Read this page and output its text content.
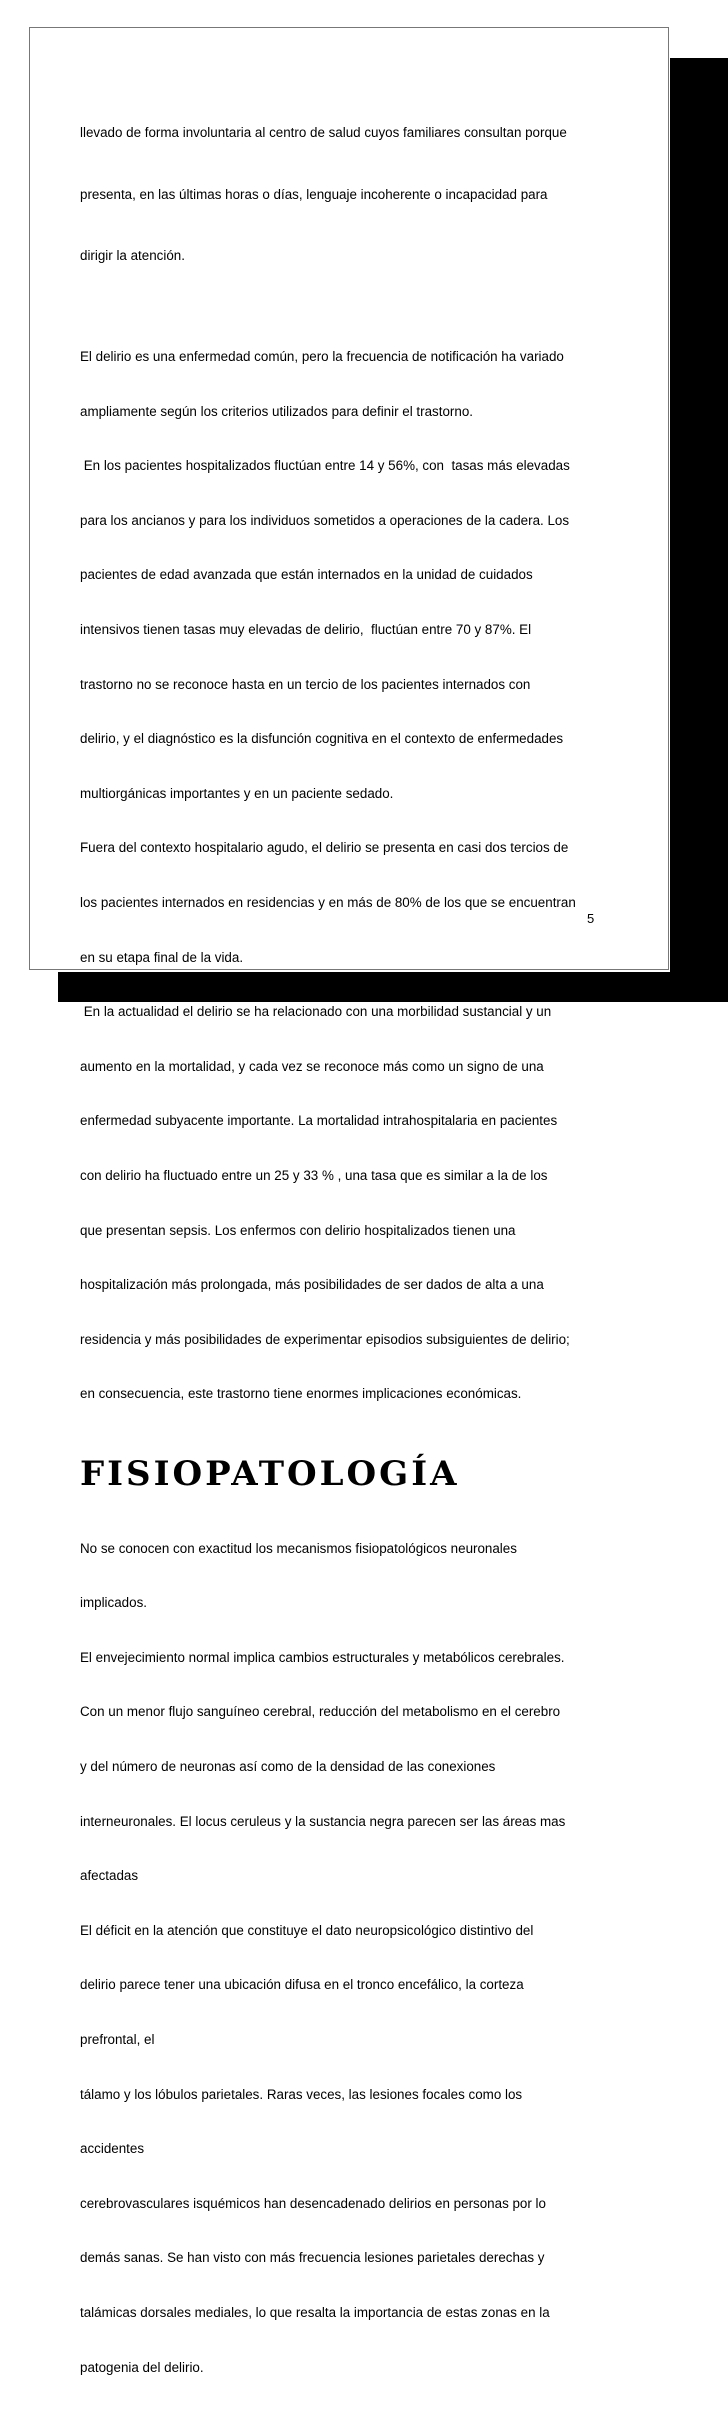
llevado de forma involuntaria al centro de salud cuyos familiares consultan porque

presenta, en las últimas horas o días, lenguaje incoherente o incapacidad para

dirigir la atención.

El delirio es una enfermedad común, pero la frecuencia de notificación ha variado

ampliamente según los criterios utilizados para definir el trastorno.

En los pacientes hospitalizados fluctúan entre 14 y 56%, con  tasas más elevadas

para los ancianos y para los individuos sometidos a operaciones de la cadera. Los

pacientes de edad avanzada que están internados en la unidad de cuidados

intensivos tienen tasas muy elevadas de delirio,  fluctúan entre 70 y 87%. El

trastorno no se reconoce hasta en un tercio de los pacientes internados con

delirio, y el diagnóstico es la disfunción cognitiva en el contexto de enfermedades

multiorgánicas importantes y en un paciente sedado.

Fuera del contexto hospitalario agudo, el delirio se presenta en casi dos tercios de

los pacientes internados en residencias y en más de 80% de los que se encuentran

en su etapa final de la vida.

En la actualidad el delirio se ha relacionado con una morbilidad sustancial y un

aumento en la mortalidad, y cada vez se reconoce más como un signo de una

enfermedad subyacente importante. La mortalidad intrahospitalaria en pacientes

con delirio ha fluctuado entre un 25 y 33 % , una tasa que es similar a la de los

que presentan sepsis. Los enfermos con delirio hospitalizados tienen una

hospitalización más prolongada, más posibilidades de ser dados de alta a una

residencia y más posibilidades de experimentar episodios subsiguientes de delirio;

en consecuencia, este trastorno tiene enormes implicaciones económicas.

FISIOPATOLOGÍA

No se conocen con exactitud los mecanismos fisiopatológicos neuronales

implicados.

El envejecimiento normal implica cambios estructurales y metabólicos cerebrales.

Con un menor flujo sanguíneo cerebral, reducción del metabolismo en el cerebro

y del número de neuronas así como de la densidad de las conexiones

interneuronales. El locus ceruleus y la sustancia negra parecen ser las áreas mas

afectadas

El déficit en la atención que constituye el dato neuropsicológico distintivo del

delirio parece tener una ubicación difusa en el tronco encefálico, la corteza

prefrontal, el

tálamo y los lóbulos parietales. Raras veces, las lesiones focales como los

accidentes

cerebrovasculares isquémicos han desencadenado delirios en personas por lo

demás sanas. Se han visto con más frecuencia lesiones parietales derechas y

talámicas dorsales mediales, lo que resalta la importancia de estas zonas en la

patogenia del delirio.

5
